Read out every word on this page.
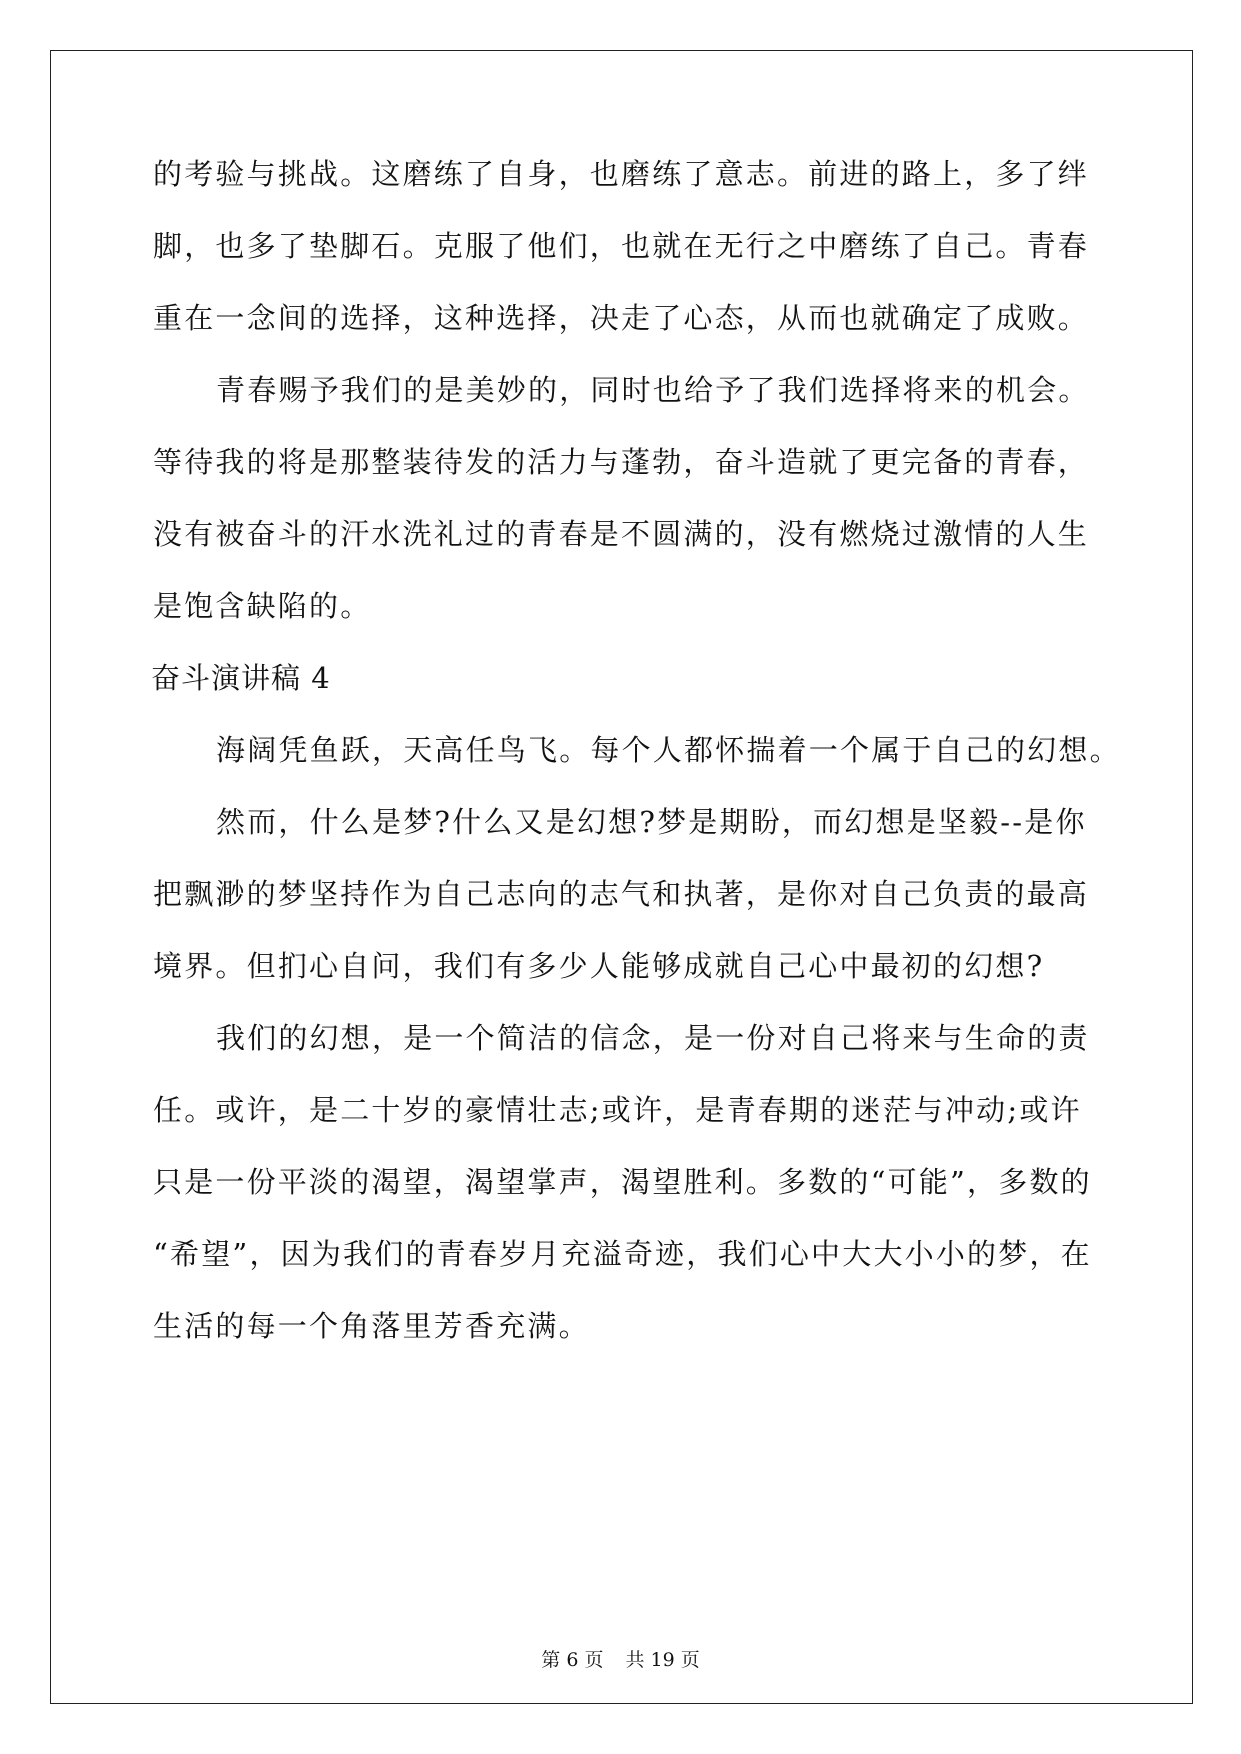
的考验与挑战。这磨练了自身，也磨练了意志。前进的路上，多了绊
脚，也多了垫脚石。克服了他们，也就在无行之中磨练了自己。青春
重在一念间的选择，这种选择，决走了心态，从而也就确定了成败。
青春赐予我们的是美妙的，同时也给予了我们选择将来的机会。
等待我的将是那整装待发的活力与蓬勃，奋斗造就了更完备的青春，
没有被奋斗的汗水洗礼过的青春是不圆满的，没有燃烧过激情的人生
是饱含缺陷的。
奋斗演讲稿 4
海阔凭鱼跃，天高任鸟飞。每个人都怀揣着一个属于自己的幻想。
然而，什么是梦?什么又是幻想?梦是期盼，而幻想是坚毅--是你
把飘渺的梦坚持作为自己志向的志气和执著，是你对自己负责的最高
境界。但扪心自问，我们有多少人能够成就自己心中最初的幻想?
我们的幻想，是一个简洁的信念，是一份对自己将来与生命的责
任。或许，是二十岁的豪情壮志;或许，是青春期的迷茫与冲动;或许
只是一份平淡的渴望，渴望掌声，渴望胜利。多数的“可能”，多数的
“希望”，因为我们的青春岁月充溢奇迹，我们心中大大小小的梦，在
生活的每一个角落里芳香充满。
第 6 页 共 19 页
